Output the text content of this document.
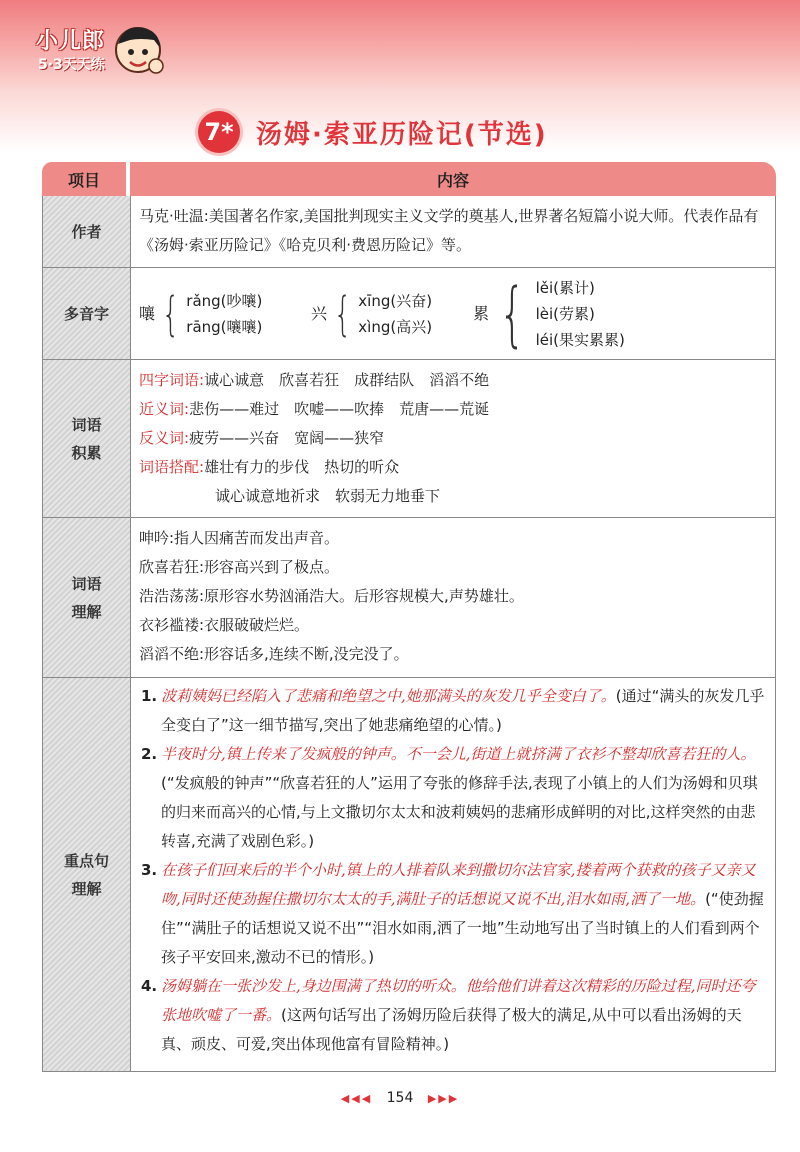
小儿郎
5·3天天练
7* 汤姆·索亚历险记(节选)
项目	内容
作者
马克·吐温:美国著名作家,美国批判现实主义文学的奠基人,世界著名短篇小说大师。代表作品有《汤姆·索亚历险记》《哈克贝利·费恩历险记》等。
多音字	嚷 { rǎng(吵嚷)
rāng(嚷嚷)
兴 { xīng(兴奋)
xìng(高兴)
累 { lěi(累计)
lèi(劳累)
léi(果实累累)
词语
积累
四字词语:诚心诚意　欣喜若狂　成群结队　滔滔不绝
近义词:悲伤——难过　吹嘘——吹捧　荒唐——荒诞
反义词:疲劳——兴奋　宽阔——狭窄
词语搭配:雄壮有力的步伐　热切的听众
诚心诚意地祈求　软弱无力地垂下
词语
理解
呻吟:指人因痛苦而发出声音。
欣喜若狂:形容高兴到了极点。
浩浩荡荡:原形容水势汹涌浩大。后形容规模大,声势雄壮。
衣衫褴褛:衣服破破烂烂。
滔滔不绝:形容话多,连续不断,没完没了。
重点句
理解
1. 波莉姨妈已经陷入了悲痛和绝望之中,她那满头的灰发几乎全变白了。(通过“满头的灰发几乎全变白了”这一细节描写,突出了她悲痛绝望的心情。)
2. 半夜时分,镇上传来了发疯般的钟声。不一会儿,街道上就挤满了衣衫不整却欣喜若狂的人。(“发疯般的钟声”“欣喜若狂的人”运用了夸张的修辞手法,表现了小镇上的人们为汤姆和贝琪的归来而高兴的心情,与上文撒切尔太太和波莉姨妈的悲痛形成鲜明的对比,这样突然的由悲转喜,充满了戏剧色彩。)
3. 在孩子们回来后的半个小时,镇上的人排着队来到撒切尔法官家,搂着两个获救的孩子又亲又吻,同时还使劲握住撒切尔太太的手,满肚子的话想说又说不出,泪水如雨,洒了一地。(“使劲握住”“满肚子的话想说又说不出”“泪水如雨,洒了一地”生动地写出了当时镇上的人们看到两个孩子平安回来,激动不已的情形。)
4. 汤姆躺在一张沙发上,身边围满了热切的听众。他给他们讲着这次精彩的历险过程,同时还夸张地吹嘘了一番。(这两句话写出了汤姆历险后获得了极大的满足,从中可以看出汤姆的天真、顽皮、可爱,突出体现他富有冒险精神。)
◀◀◀ 154 ▶▶▶
